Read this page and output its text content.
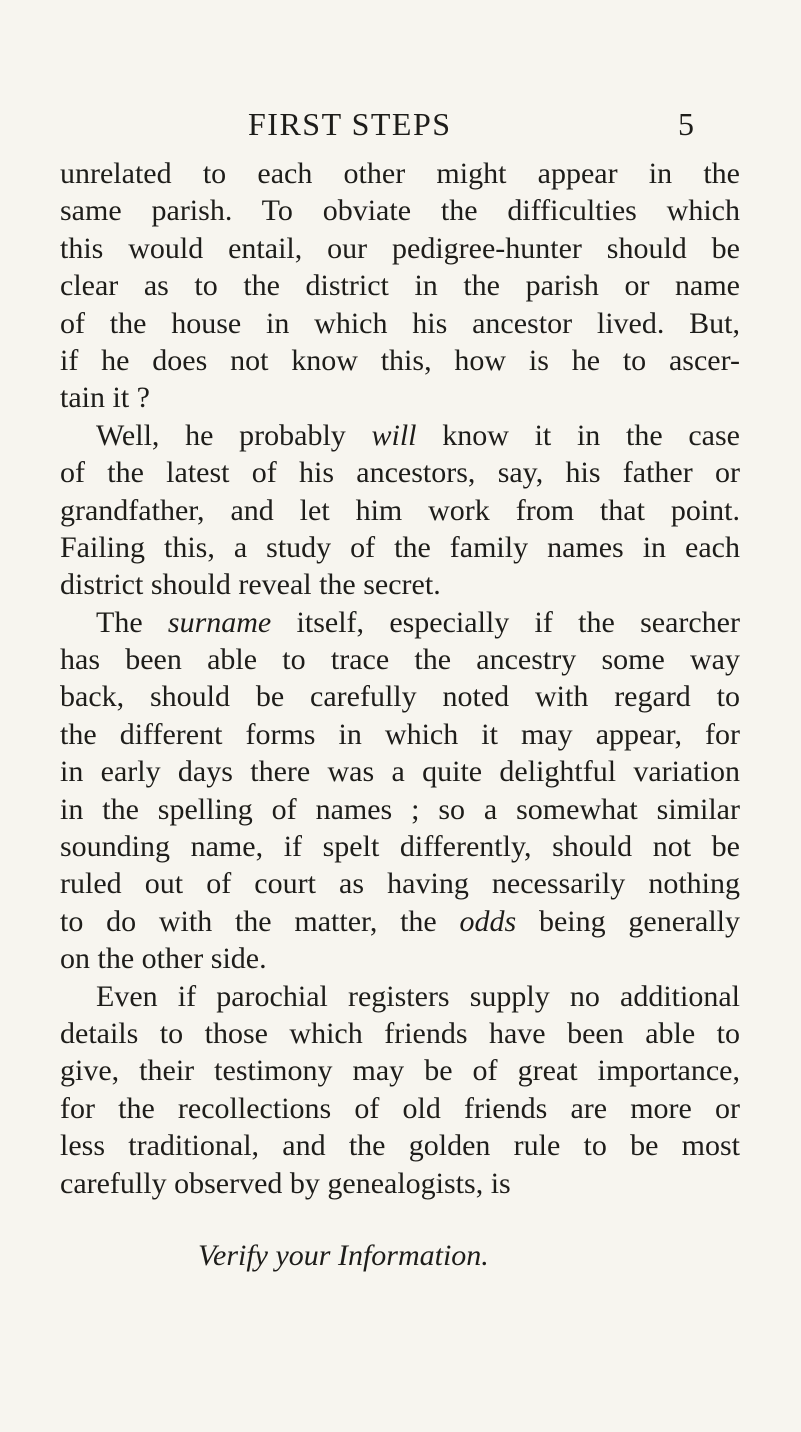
FIRST STEPS	5
unrelated to each other might appear in the
same parish. To obviate the difficulties which
this would entail, our pedigree-hunter should be
clear as to the district in the parish or name
of the house in which his ancestor lived. But,
if he does not know this, how is he to ascer-
tain it ?
Well, he probably will know it in the case
of the latest of his ancestors, say, his father or
grandfather, and let him work from that point.
Failing this, a study of the family names in each
district should reveal the secret.
The surname itself, especially if the searcher
has been able to trace the ancestry some way
back, should be carefully noted with regard to
the different forms in which it may appear, for
in early days there was a quite delightful variation
in the spelling of names ; so a somewhat similar
sounding name, if spelt differently, should not be
ruled out of court as having necessarily nothing
to do with the matter, the odds being generally
on the other side.
Even if parochial registers supply no additional
details to those which friends have been able to
give, their testimony may be of great importance,
for the recollections of old friends are more or
less traditional, and the golden rule to be most
carefully observed by genealogists, is
Verify your Information.
